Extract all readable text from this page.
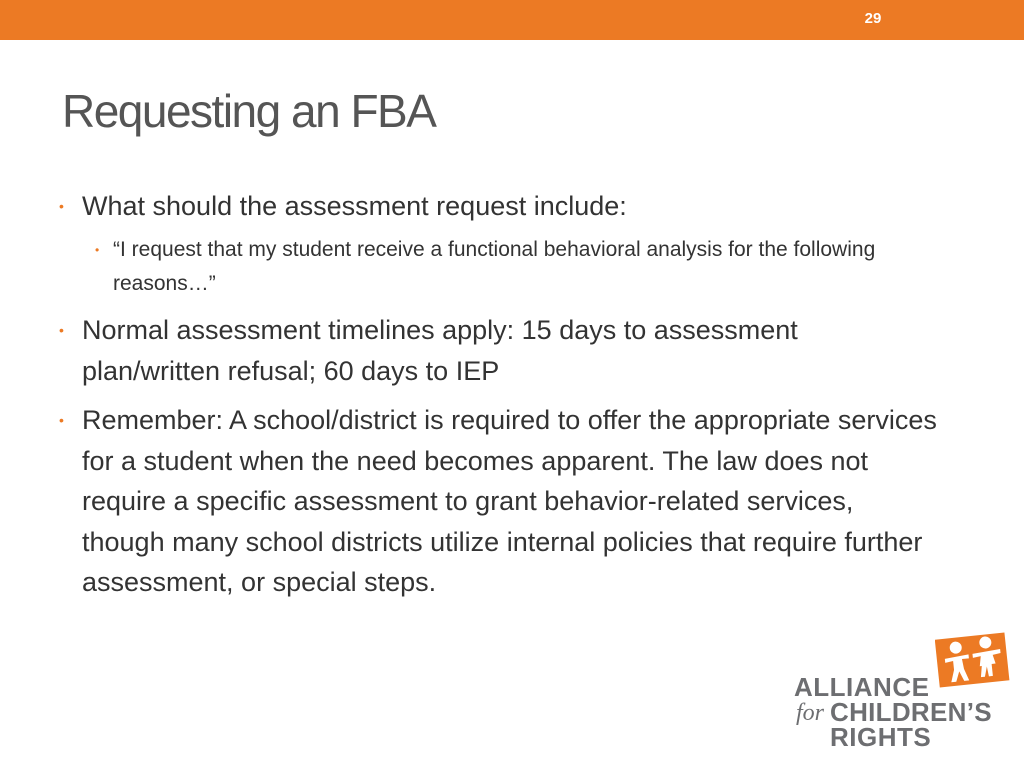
29
Requesting an FBA
• What should the assessment request include:
• “I request that my student receive a functional behavioral analysis for the following reasons…”
• Normal assessment timelines apply: 15 days to assessment plan/written refusal; 60 days to IEP
• Remember: A school/district is required to offer the appropriate services for a student when the need becomes apparent. The law does not require a specific assessment to grant behavior-related services, though many school districts utilize internal policies that require further assessment, or special steps.
ALLIANCE
for CHILDREN’S
RIGHTS
